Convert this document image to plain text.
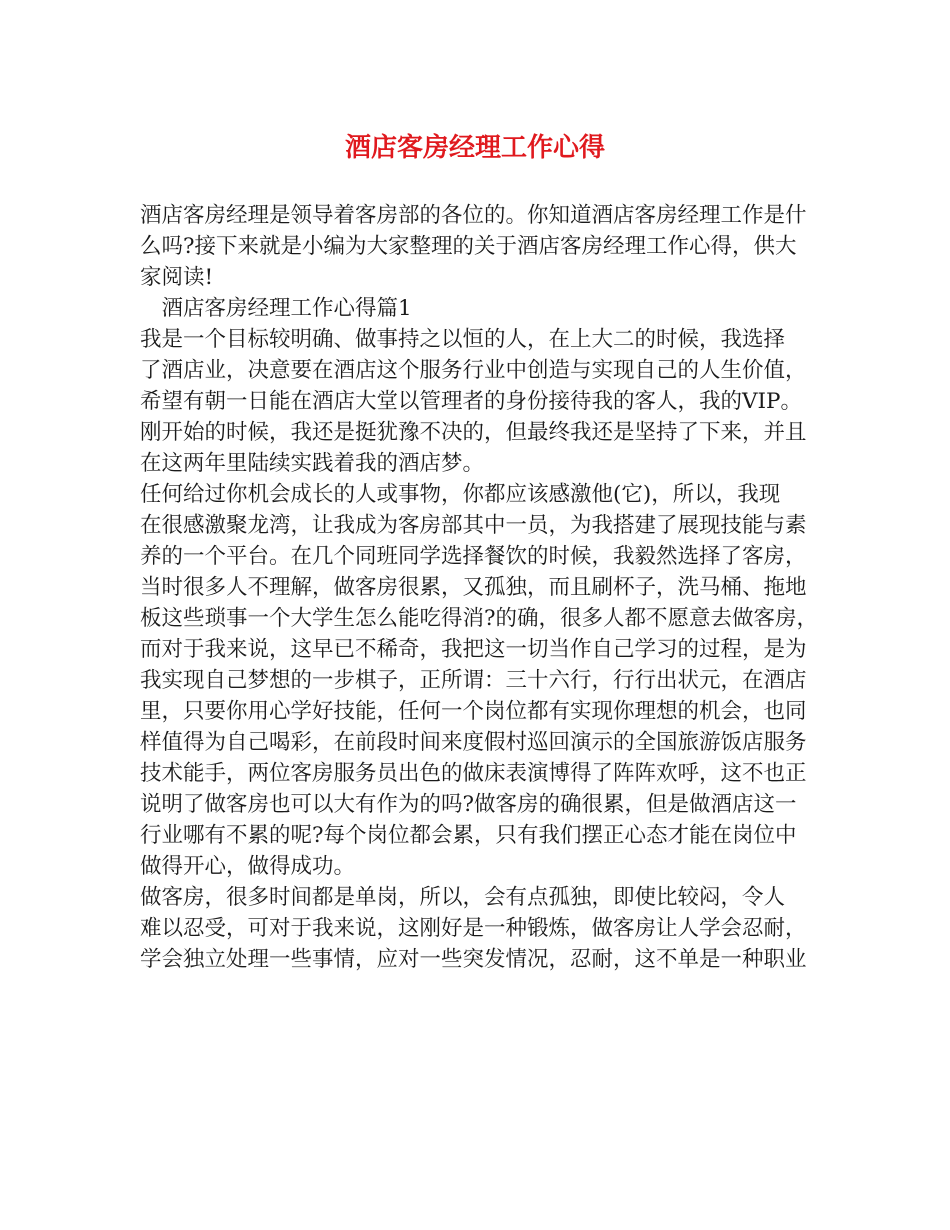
酒店客房经理工作心得
酒店客房经理是领导着客房部的各位的。你知道酒店客房经理工作是什
么吗?接下来就是小编为大家整理的关于酒店客房经理工作心得，供大
家阅读!
　酒店客房经理工作心得篇1
我是一个目标较明确、做事持之以恒的人，在上大二的时候，我选择
了酒店业，决意要在酒店这个服务行业中创造与实现自己的人生价值，
希望有朝一日能在酒店大堂以管理者的身份接待我的客人，我的VIP。
刚开始的时候，我还是挺犹豫不决的，但最终我还是坚持了下来，并且
在这两年里陆续实践着我的酒店梦。
任何给过你机会成长的人或事物，你都应该感激他(它)，所以，我现
在很感激聚龙湾，让我成为客房部其中一员，为我搭建了展现技能与素
养的一个平台。在几个同班同学选择餐饮的时候，我毅然选择了客房，
当时很多人不理解，做客房很累，又孤独，而且刷杯子，洗马桶、拖地
板这些琐事一个大学生怎么能吃得消?的确，很多人都不愿意去做客房，
而对于我来说，这早已不稀奇，我把这一切当作自己学习的过程，是为
我实现自己梦想的一步棋子，正所谓：三十六行，行行出状元，在酒店
里，只要你用心学好技能，任何一个岗位都有实现你理想的机会，也同
样值得为自己喝彩，在前段时间来度假村巡回演示的全国旅游饭店服务
技术能手，两位客房服务员出色的做床表演博得了阵阵欢呼，这不也正
说明了做客房也可以大有作为的吗?做客房的确很累，但是做酒店这一
行业哪有不累的呢?每个岗位都会累，只有我们摆正心态才能在岗位中
做得开心，做得成功。
做客房，很多时间都是单岗，所以，会有点孤独，即使比较闷，令人
难以忍受，可对于我来说，这刚好是一种锻炼，做客房让人学会忍耐，
学会独立处理一些事情，应对一些突发情况，忍耐，这不单是一种职业
